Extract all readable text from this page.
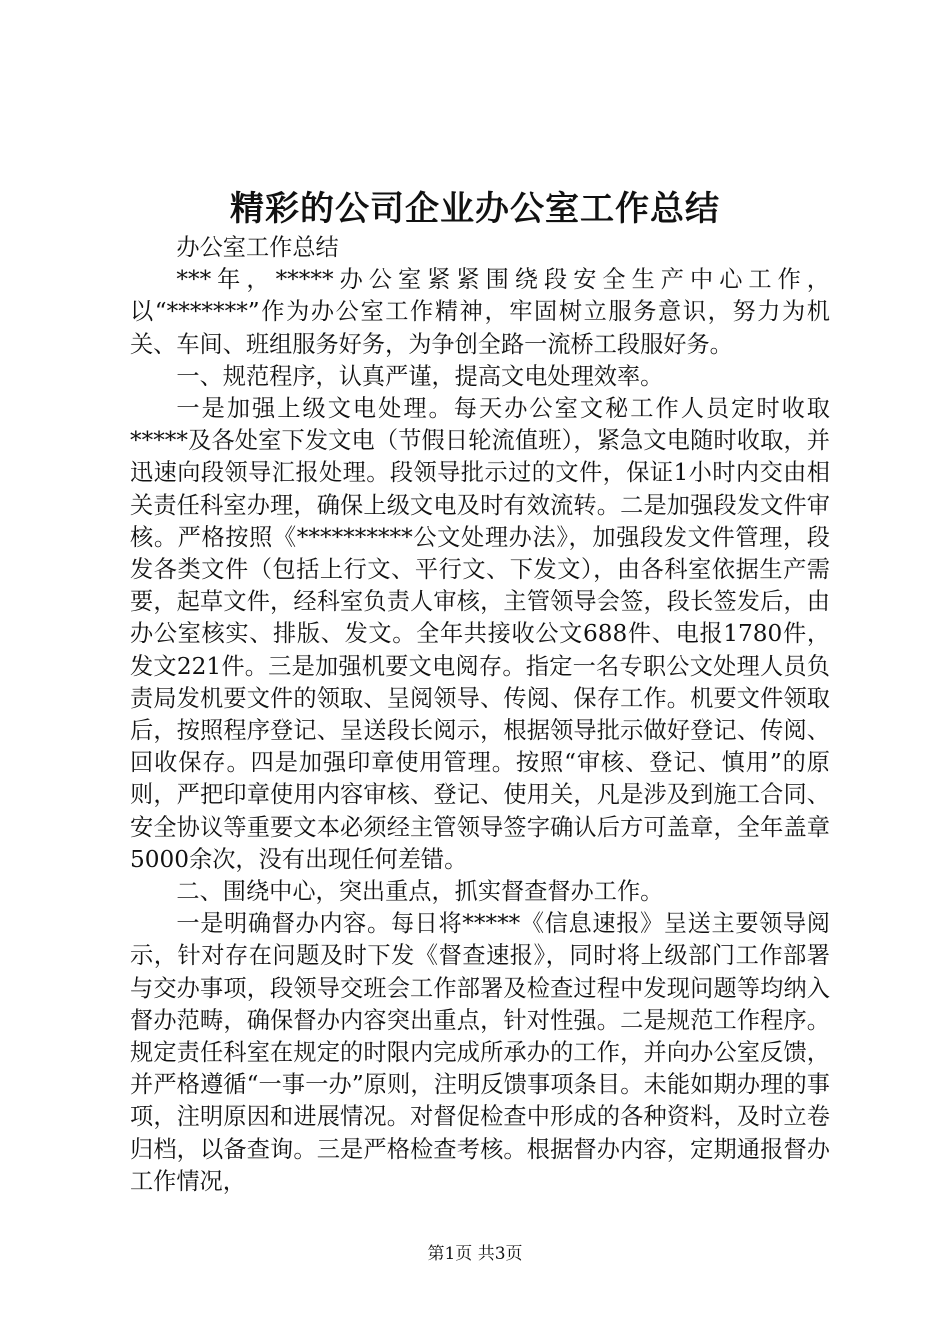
精彩的公司企业办公室工作总结

办公室工作总结

***年，*****办公室紧紧围绕段安全生产中心工作，以“*******”作为办公室工作精神，牢固树立服务意识，努力为机关、车间、班组服务好务，为争创全路一流桥工段服好务。

一、规范程序，认真严谨，提高文电处理效率。

一是加强上级文电处理。每天办公室文秘工作人员定时收取*****及各处室下发文电（节假日轮流值班），紧急文电随时收取，并迅速向段领导汇报处理。段领导批示过的文件，保证1小时内交由相关责任科室办理，确保上级文电及时有效流转。二是加强段发文件审核。严格按照《**********公文处理办法》，加强段发文件管理，段发各类文件（包括上行文、平行文、下发文），由各科室依据生产需要，起草文件，经科室负责人审核，主管领导会签，段长签发后，由办公室核实、排版、发文。全年共接收公文688件、电报1780件，发文221件。三是加强机要文电阅存。指定一名专职公文处理人员负责局发机要文件的领取、呈阅领导、传阅、保存工作。机要文件领取后，按照程序登记、呈送段长阅示，根据领导批示做好登记、传阅、回收保存。四是加强印章使用管理。按照“审核、登记、慎用”的原则，严把印章使用内容审核、登记、使用关，凡是涉及到施工合同、安全协议等重要文本必须经主管领导签字确认后方可盖章，全年盖章5000余次，没有出现任何差错。

二、围绕中心，突出重点，抓实督查督办工作。

一是明确督办内容。每日将*****《信息速报》呈送主要领导阅示，针对存在问题及时下发《督查速报》，同时将上级部门工作部署与交办事项，段领导交班会工作部署及检查过程中发现问题等均纳入督办范畴，确保督办内容突出重点，针对性强。二是规范工作程序。规定责任科室在规定的时限内完成所承办的工作，并向办公室反馈，并严格遵循“一事一办”原则，注明反馈事项条目。未能如期办理的事项，注明原因和进展情况。对督促检查中形成的各种资料，及时立卷归档，以备查询。三是严格检查考核。根据督办内容，定期通报督办工作情况，

第1页 共3页
